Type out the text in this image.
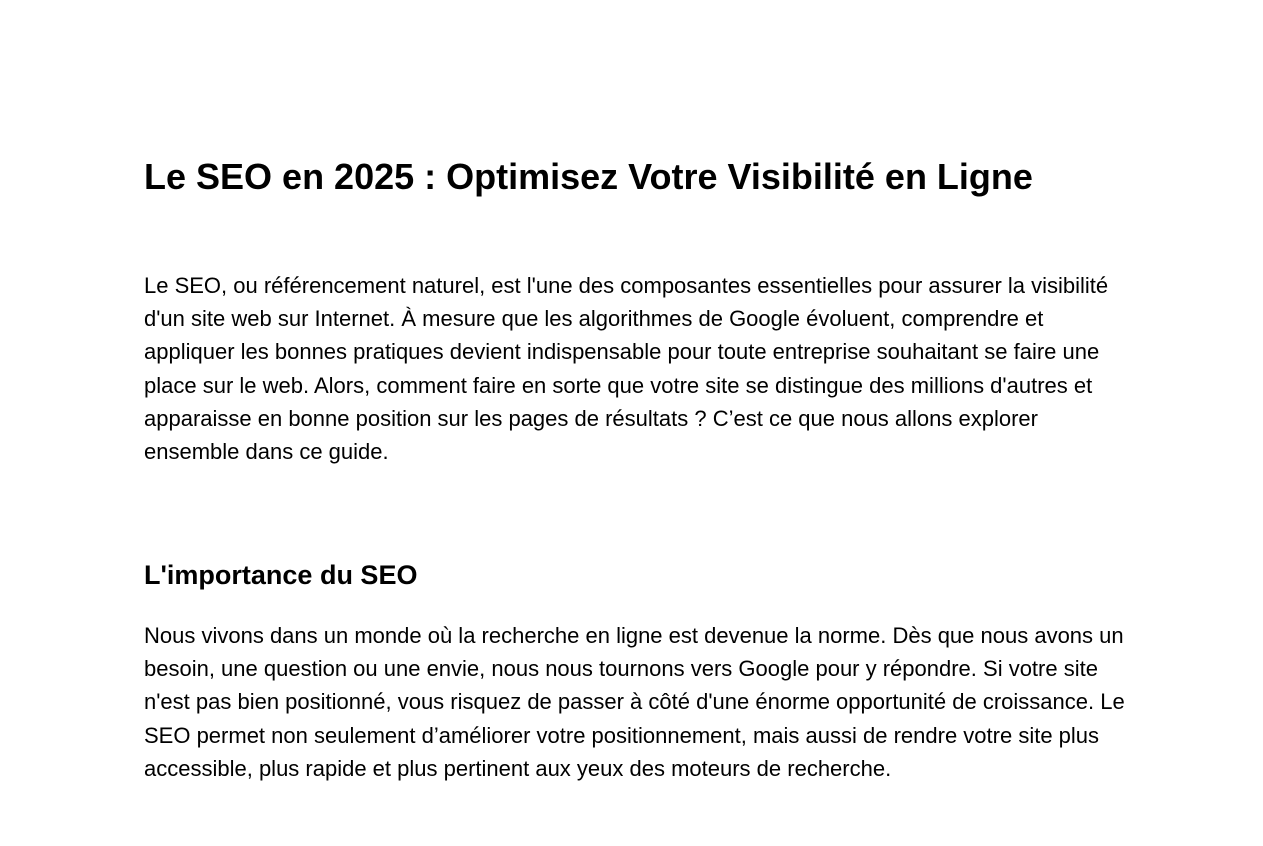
Le SEO en 2025 : Optimisez Votre Visibilité en Ligne

Le SEO, ou référencement naturel, est l'une des composantes essentielles pour assurer la visibilité d'un site web sur Internet. À mesure que les algorithmes de Google évoluent, comprendre et appliquer les bonnes pratiques devient indispensable pour toute entreprise souhaitant se faire une place sur le web. Alors, comment faire en sorte que votre site se distingue des millions d'autres et apparaisse en bonne position sur les pages de résultats ? C’est ce que nous allons explorer ensemble dans ce guide.

L'importance du SEO

Nous vivons dans un monde où la recherche en ligne est devenue la norme. Dès que nous avons un besoin, une question ou une envie, nous nous tournons vers Google pour y répondre. Si votre site n'est pas bien positionné, vous risquez de passer à côté d'une énorme opportunité de croissance. Le SEO permet non seulement d’améliorer votre positionnement, mais aussi de rendre votre site plus accessible, plus rapide et plus pertinent aux yeux des moteurs de recherche.
